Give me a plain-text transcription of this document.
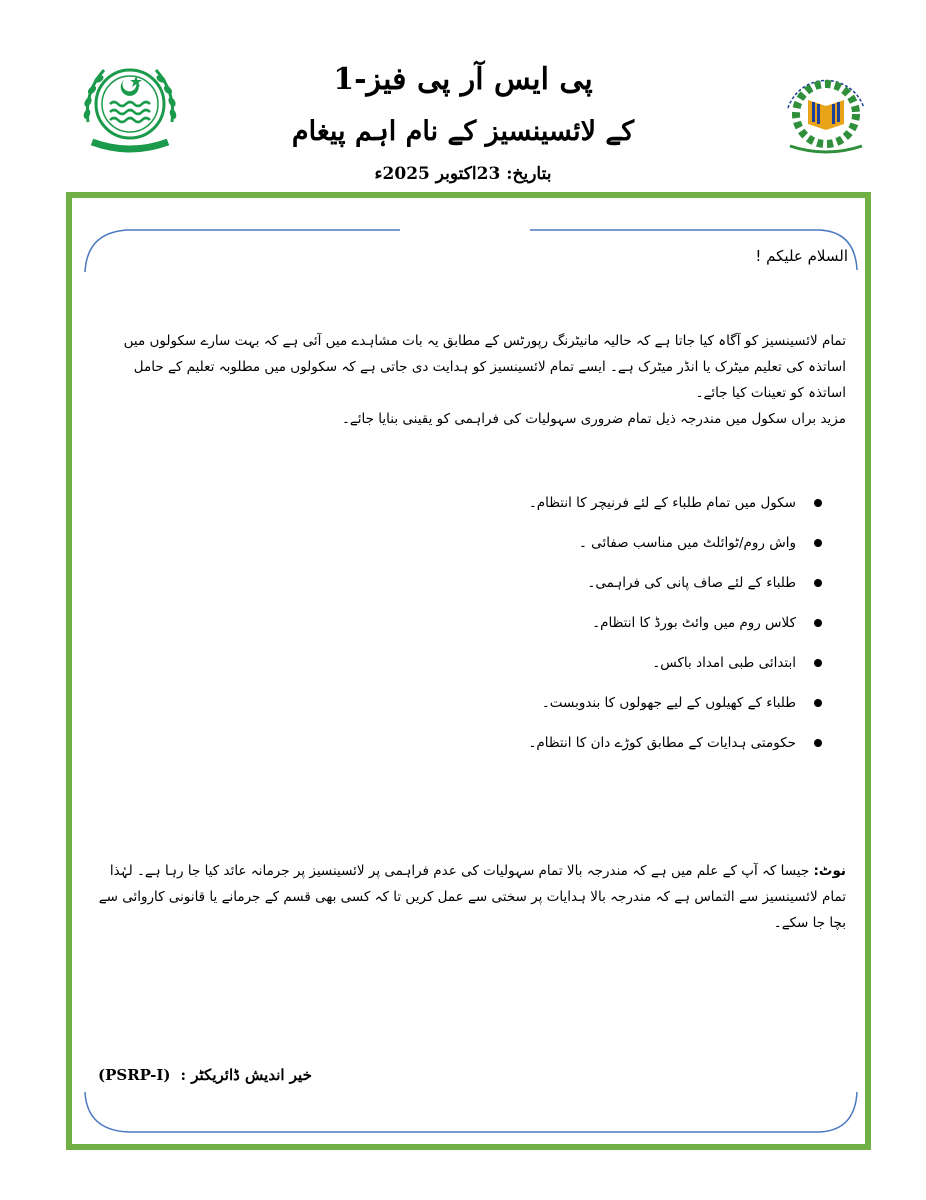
پی ایس آر پی فیز-1
کے لائسینسیز کے نام اہم پیغام
بتاریخ: 23اکتوبر 2025ء
السلام علیکم !

تمام لائسینسیز کو آگاہ کیا جاتا ہے کہ حالیہ مانیٹرنگ رپورٹس کے مطابق یہ بات مشاہدے میں آئی ہے کہ بہت سارے سکولوں میں اساتذہ کی تعلیم میٹرک یا انڈر میٹرک ہے۔ ایسے تمام لائسینسیز کو ہدایت دی جاتی ہے کہ سکولوں میں مطلوبہ تعلیم کے حامل اساتذہ کو تعینات کیا جائے۔

مزید براں سکول میں مندرجہ ذیل تمام ضروری سہولیات کی فراہمی کو یقینی بنایا جائے۔

سکول میں تمام طلباء کے لئے فرنیچر کا انتظام۔
واش روم/ٹوائلٹ میں مناسب صفائی ۔
طلباء کے لئے صاف پانی کی فراہمی۔
کلاس روم میں وائٹ بورڈ کا انتظام۔
ابتدائی طبی امداد باکس۔
طلباء کے کھیلوں کے لیے جھولوں کا بندوبست۔
حکومتی ہدایات کے مطابق کوڑے دان کا انتظام۔

نوٹ: جیسا کہ آپ کے علم میں ہے کہ مندرجہ بالا تمام سہولیات کی عدم فراہمی پر لائسینسیز پر جرمانہ عائد کیا جا رہا ہے۔ لہٰذا تمام لائسینسیز سے التماس ہے کہ مندرجہ بالا ہدایات پر سختی سے عمل کریں تا کہ کسی بھی قسم کے جرمانے یا قانونی کاروائی سے بچا جا سکے۔

خیر اندیش ڈائریکٹر :(PSRP-I)
